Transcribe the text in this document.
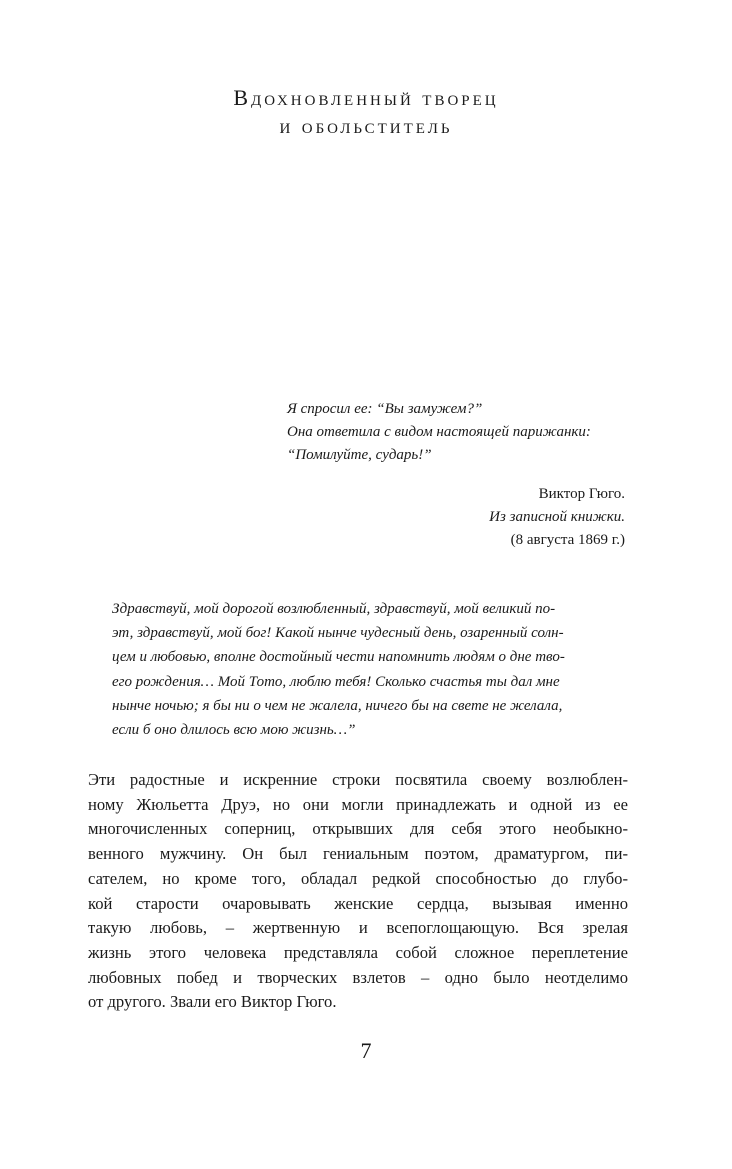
Вдохновленный творец
и обольститель
Я спросил ее: “Вы замужем?”
Она ответила с видом настоящей парижанки:
“Помилуйте, сударь!”
Виктор Гюго.
Из записной книжки.
(8 августа 1869 г.)
Здравствуй, мой дорогой возлюбленный, здравствуй, мой великий по-
эт, здравствуй, мой бог! Какой нынче чудесный день, озаренный солн-
цем и любовью, вполне достойный чести напомнить людям о дне тво-
его рождения… Мой Тото, люблю тебя! Сколько счастья ты дал мне
нынче ночью; я бы ни о чем не жалела, ничего бы на свете не желала,
если б оно длилось всю мою жизнь…”
Эти радостные и искренние строки посвятила своему возлюблен-
ному Жюльетта Друэ, но они могли принадлежать и одной из ее
многочисленных соперниц, открывших для себя этого необыкно-
венного мужчину. Он был гениальным поэтом, драматургом, пи-
сателем, но кроме того, обладал редкой способностью до глубо-
кой старости очаровывать женские сердца, вызывая именно
такую любовь, – жертвенную и всепоглощающую. Вся зрелая
жизнь этого человека представляла собой сложное переплетение
любовных побед и творческих взлетов – одно было неотделимо
от другого. Звали его Виктор Гюго.
7
